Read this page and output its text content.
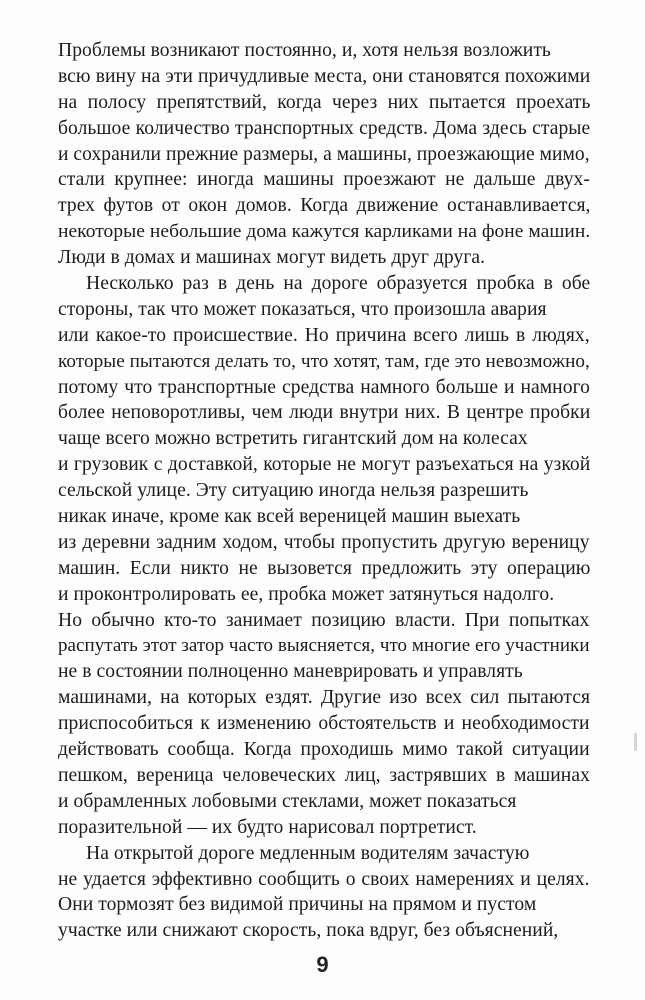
Проблемы возникают постоянно, и, хотя нельзя возложить
всю вину на эти причудливые места, они становятся похожими
на полосу препятствий, когда через них пытается проехать
большое количество транспортных средств. Дома здесь старые
и сохранили прежние размеры, а машины, проезжающие мимо,
стали крупнее: иногда машины проезжают не дальше двух-
трех футов от окон домов. Когда движение останавливается,
некоторые небольшие дома кажутся карликами на фоне машин.
Люди в домах и машинах могут видеть друг друга.
Несколько раз в день на дороге образуется пробка в обе
стороны, так что может показаться, что произошла авария
или какое-то происшествие. Но причина всего лишь в людях,
которые пытаются делать то, что хотят, там, где это невозможно,
потому что транспортные средства намного больше и намного
более неповоротливы, чем люди внутри них. В центре пробки
чаще всего можно встретить гигантский дом на колесах
и грузовик с доставкой, которые не могут разъехаться на узкой
сельской улице. Эту ситуацию иногда нельзя разрешить
никак иначе, кроме как всей вереницей машин выехать
из деревни задним ходом, чтобы пропустить другую вереницу
машин. Если никто не вызовется предложить эту операцию
и проконтролировать ее, пробка может затянуться надолго.
Но обычно кто-то занимает позицию власти. При попытках
распутать этот затор часто выясняется, что многие его участники
не в состоянии полноценно маневрировать и управлять
машинами, на которых ездят. Другие изо всех сил пытаются
приспособиться к изменению обстоятельств и необходимости
действовать сообща. Когда проходишь мимо такой ситуации
пешком, вереница человеческих лиц, застрявших в машинах
и обрамленных лобовыми стеклами, может показаться
поразительной — их будто нарисовал портретист.
На открытой дороге медленным водителям зачастую
не удается эффективно сообщить о своих намерениях и целях.
Они тормозят без видимой причины на прямом и пустом
участке или снижают скорость, пока вдруг, без объяснений,
9
